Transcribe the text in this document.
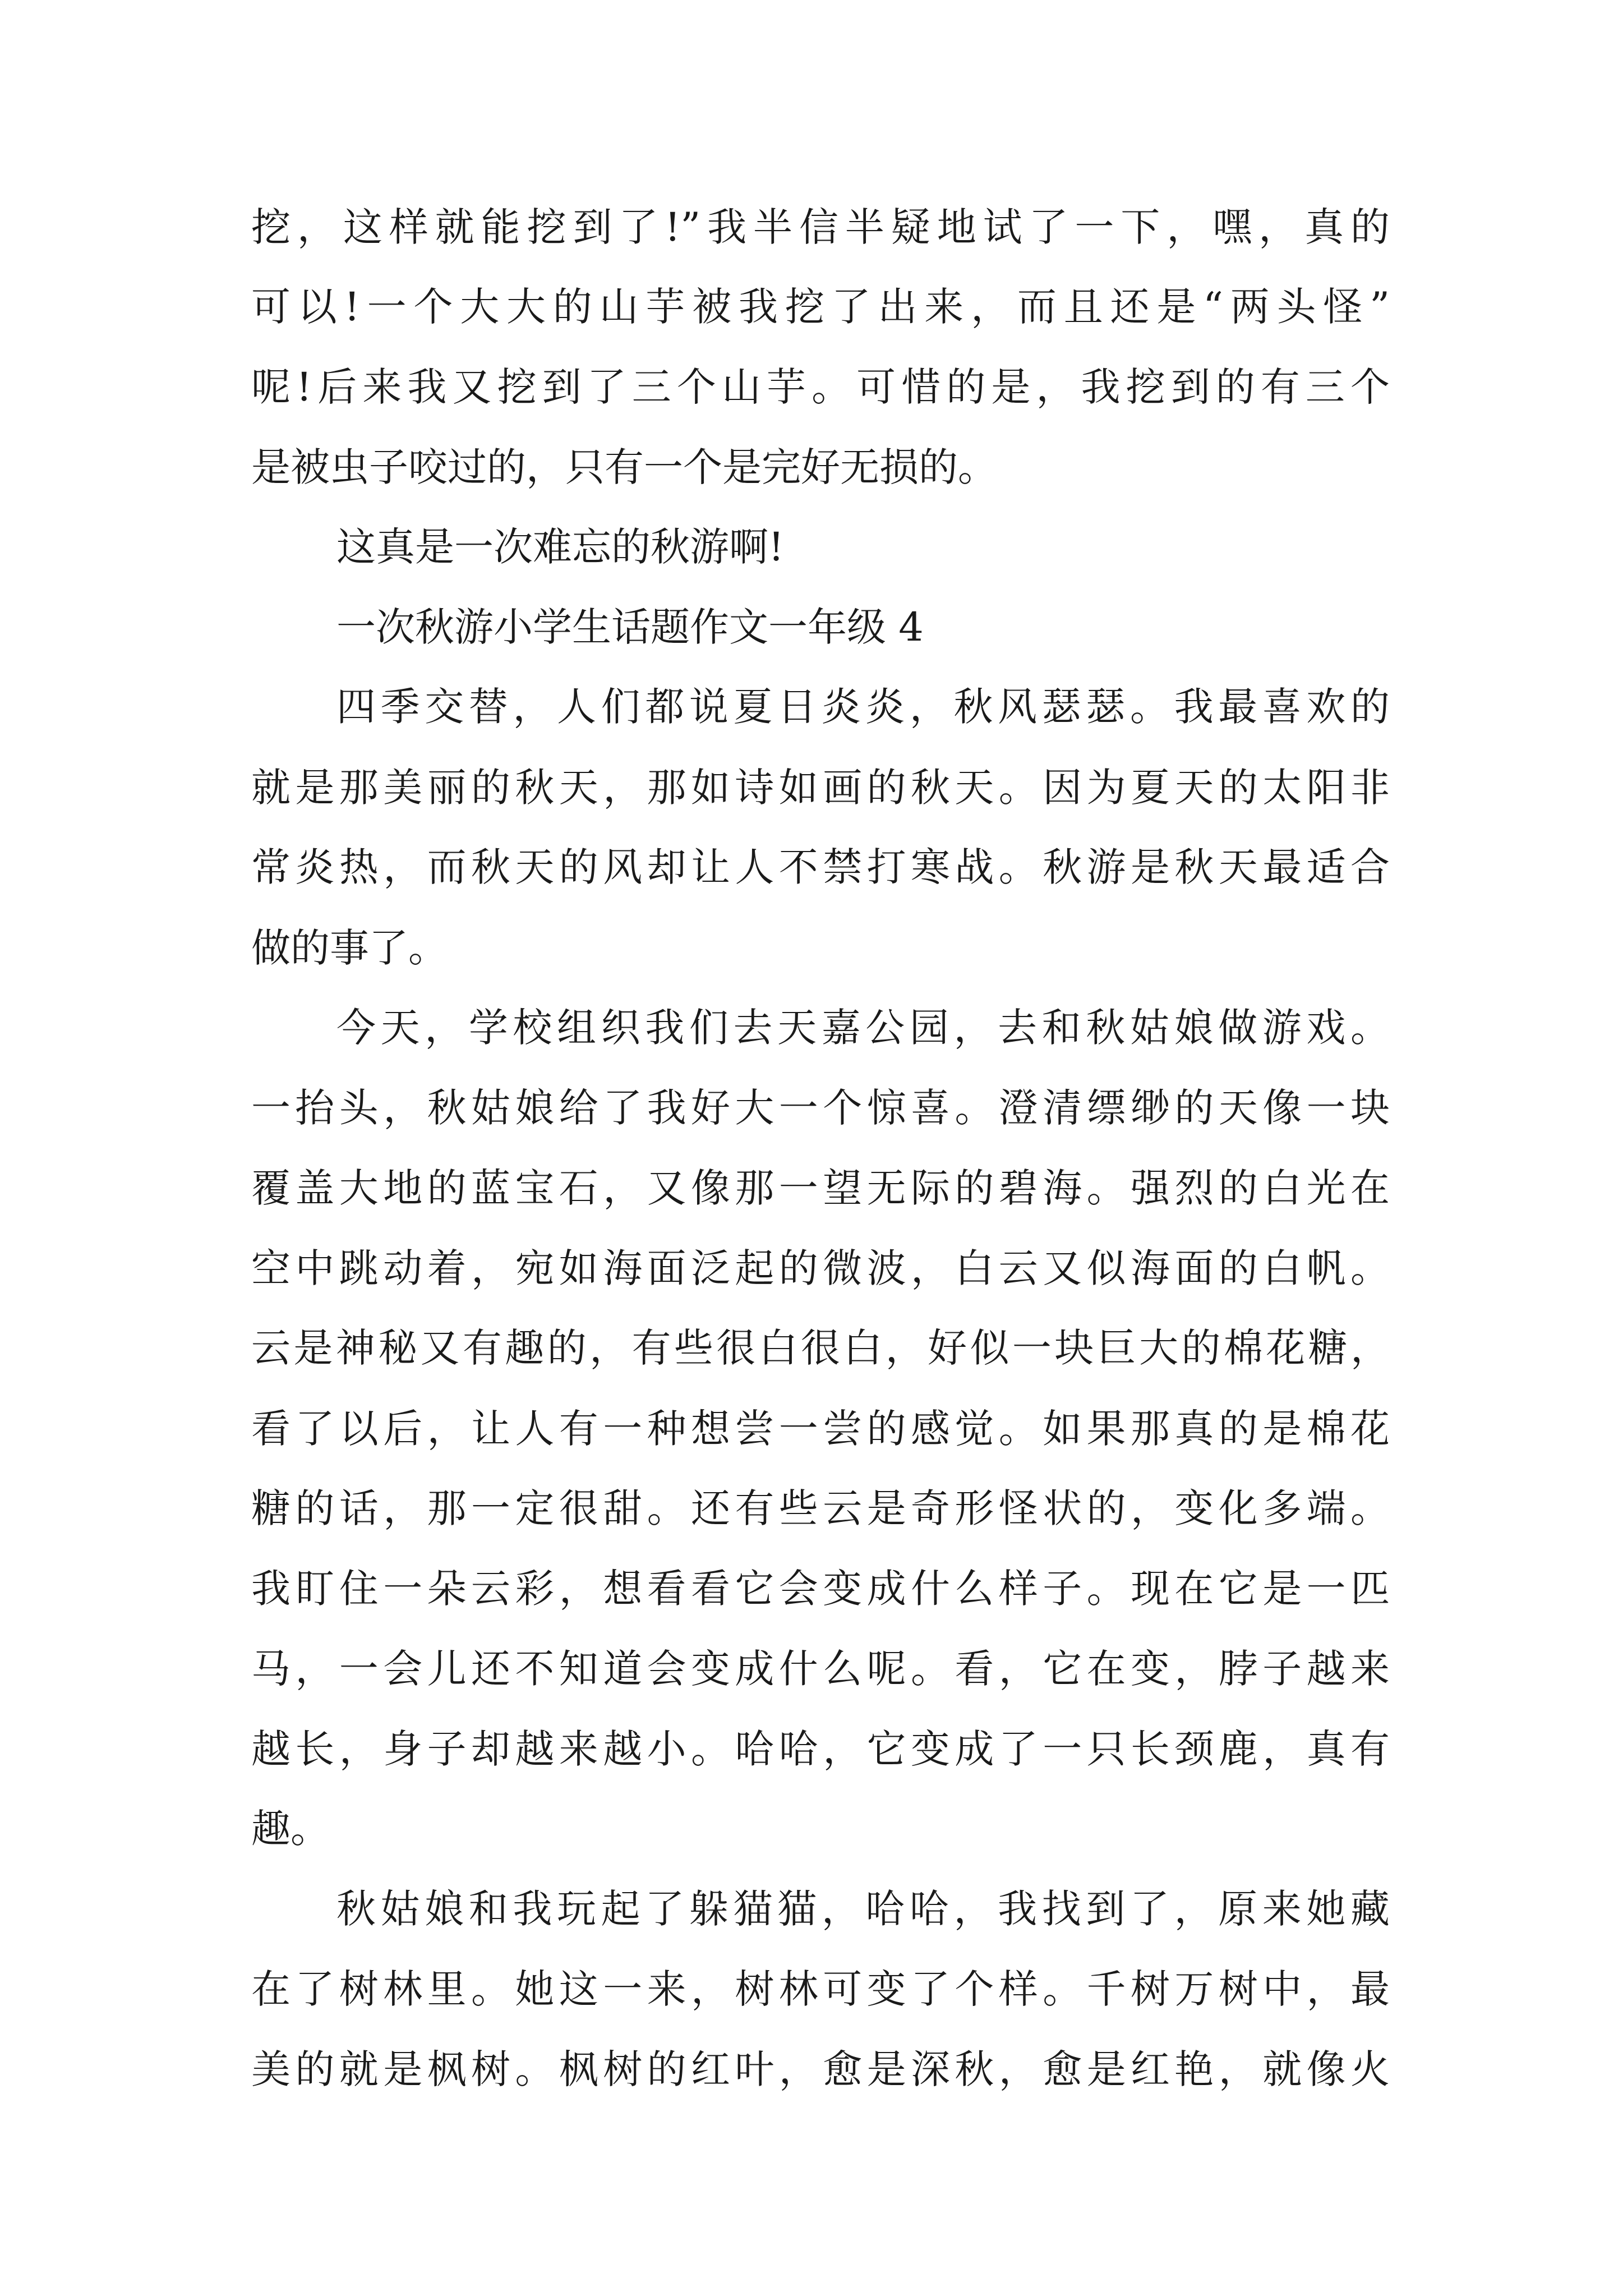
挖，这样就能挖到了!”我半信半疑地试了一下，嘿，真的
可以!一个大大的山芋被我挖了出来，而且还是“两头怪”
呢!后来我又挖到了三个山芋。可惜的是，我挖到的有三个
是被虫子咬过的，只有一个是完好无损的。
这真是一次难忘的秋游啊!
一次秋游小学生话题作文一年级 4
四季交替，人们都说夏日炎炎，秋风瑟瑟。我最喜欢的
就是那美丽的秋天，那如诗如画的秋天。因为夏天的太阳非
常炎热，而秋天的风却让人不禁打寒战。秋游是秋天最适合
做的事了。
今天，学校组织我们去天嘉公园，去和秋姑娘做游戏。
一抬头，秋姑娘给了我好大一个惊喜。澄清缥缈的天像一块
覆盖大地的蓝宝石，又像那一望无际的碧海。强烈的白光在
空中跳动着，宛如海面泛起的微波，白云又似海面的白帆。
云是神秘又有趣的，有些很白很白，好似一块巨大的棉花糖，
看了以后，让人有一种想尝一尝的感觉。如果那真的是棉花
糖的话，那一定很甜。还有些云是奇形怪状的，变化多端。
我盯住一朵云彩，想看看它会变成什么样子。现在它是一匹
马，一会儿还不知道会变成什么呢。看，它在变，脖子越来
越长，身子却越来越小。哈哈，它变成了一只长颈鹿，真有
趣。
秋姑娘和我玩起了躲猫猫，哈哈，我找到了，原来她藏
在了树林里。她这一来，树林可变了个样。千树万树中，最
美的就是枫树。枫树的红叶，愈是深秋，愈是红艳，就像火
